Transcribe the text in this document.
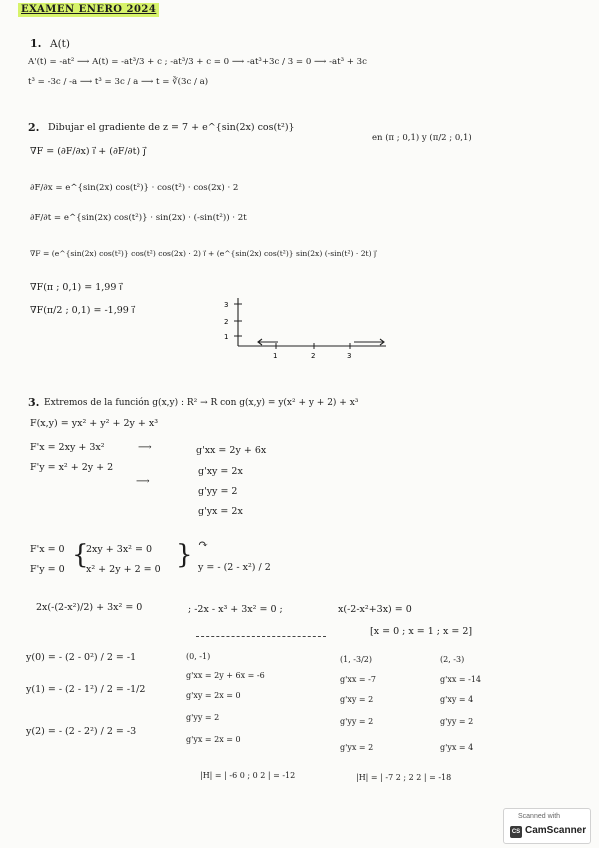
EXAMEN ENERO 2024
1. A(t)
A'(t) = -at² ⟶ A(t) = -at³/3 + c ; -at³/3 + c = 0 ⟶ -at³+3c / 3 = 0 ⟶ -at³ + 3c
t³ = -3c / -a ⟶ t³ = 3c / a ⟶ t = ∛(3c / a)
2. Dibujar el gradiente de z = 7 + e^{sin(2x) cos(t²)}
en (π ; 0,1) y (π/2 ; 0,1)
∇F = (∂F/∂x) i⃗ + (∂F/∂t) j⃗
∂F/∂x = e^{sin(2x) cos(t²)} · cos(t²) · cos(2x) · 2
∂F/∂t = e^{sin(2x) cos(t²)} · sin(2x) · (-sin(t²)) · 2t
∇F = (e^{sin(2x) cos(t²)} cos(t²) cos(2x) · 2) i⃗ + (e^{sin(2x) cos(t²)} sin(2x) (-sin(t²) · 2t) j⃗
∇F(π ; 0,1) = 1,99 i⃗
∇F(π/2 ; 0,1) = -1,99 i⃗	3
2
1
1	2	3
3. Extremos de la función g(x,y) : R² → R con g(x,y) = y(x² + y + 2) + x³
F(x,y) = yx² + y² + 2y + x³
F'x = 2xy + 3x²	⟶	g'xx = 2y + 6x
F'y = x² + 2y + 2
⟶
g'xy = 2x
g'yy = 2
g'yx = 2x
F'x = 0
F'y = 0 {
2xy + 3x² = 0
x² + 2y + 2 = 0 } ↷
y = - (2 - x²) / 2
2x(-(2-x²)/2) + 3x² = 0	; -2x - x³ + 3x² = 0 ;	x(-2-x²+3x) = 0
[x = 0 ; x = 1 ; x = 2]
y(0) = - (2 - 0²) / 2 = -1
y(1) = - (2 - 1²) / 2 = -1/2
y(2) = - (2 - 2²) / 2 = -3
(0, -1)
g'xx = 2y + 6x = -6
g'xy = 2x = 0
g'yy = 2
g'yx = 2x = 0
|H| = | -6 0 ; 0 2 | = -12
(1, -3/2)
g'xx = -7
g'xy = 2
g'yy = 2
g'yx = 2
|H| = | -7 2 ; 2 2 | = -18
(2, -3)
g'xx = -14
g'xy = 4
g'yy = 2
g'yx = 4
Scanned with
CS CamScanner
